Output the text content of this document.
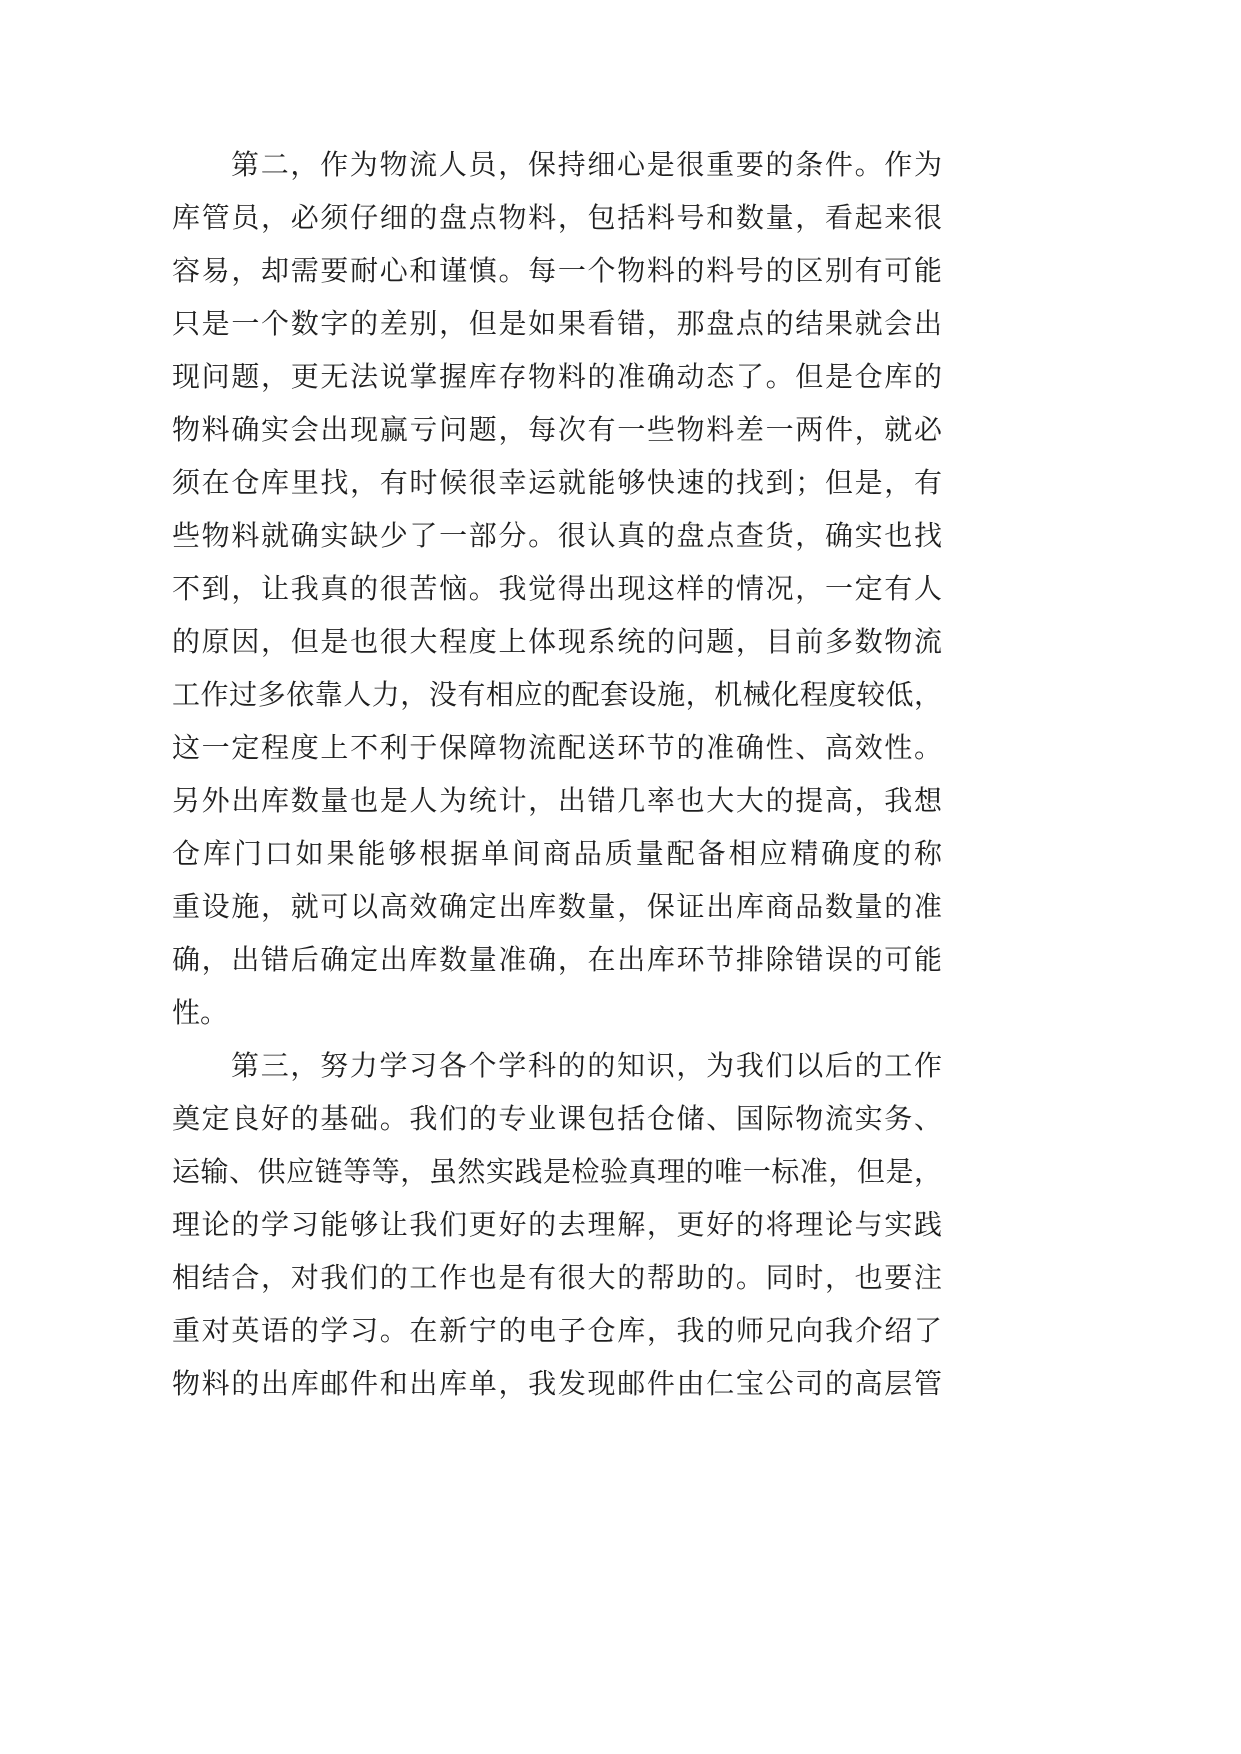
第二，作为物流人员，保持细心是很重要的条件。作为
库管员，必须仔细的盘点物料，包括料号和数量，看起来很
容易，却需要耐心和谨慎。每一个物料的料号的区别有可能
只是一个数字的差别，但是如果看错，那盘点的结果就会出
现问题，更无法说掌握库存物料的准确动态了。但是仓库的
物料确实会出现赢亏问题，每次有一些物料差一两件，就必
须在仓库里找，有时候很幸运就能够快速的找到；但是，有
些物料就确实缺少了一部分。很认真的盘点查货，确实也找
不到，让我真的很苦恼。我觉得出现这样的情况，一定有人
的原因，但是也很大程度上体现系统的问题，目前多数物流
工作过多依靠人力，没有相应的配套设施，机械化程度较低，
这一定程度上不利于保障物流配送环节的准确性、高效性。
另外出库数量也是人为统计，出错几率也大大的提高，我想
仓库门口如果能够根据单间商品质量配备相应精确度的称
重设施，就可以高效确定出库数量，保证出库商品数量的准
确，出错后确定出库数量准确，在出库环节排除错误的可能
性。
第三，努力学习各个学科的的知识，为我们以后的工作
奠定良好的基础。我们的专业课包括仓储、国际物流实务、
运输、供应链等等，虽然实践是检验真理的唯一标准，但是，
理论的学习能够让我们更好的去理解，更好的将理论与实践
相结合，对我们的工作也是有很大的帮助的。同时，也要注
重对英语的学习。在新宁的电子仓库，我的师兄向我介绍了
物料的出库邮件和出库单，我发现邮件由仁宝公司的高层管
